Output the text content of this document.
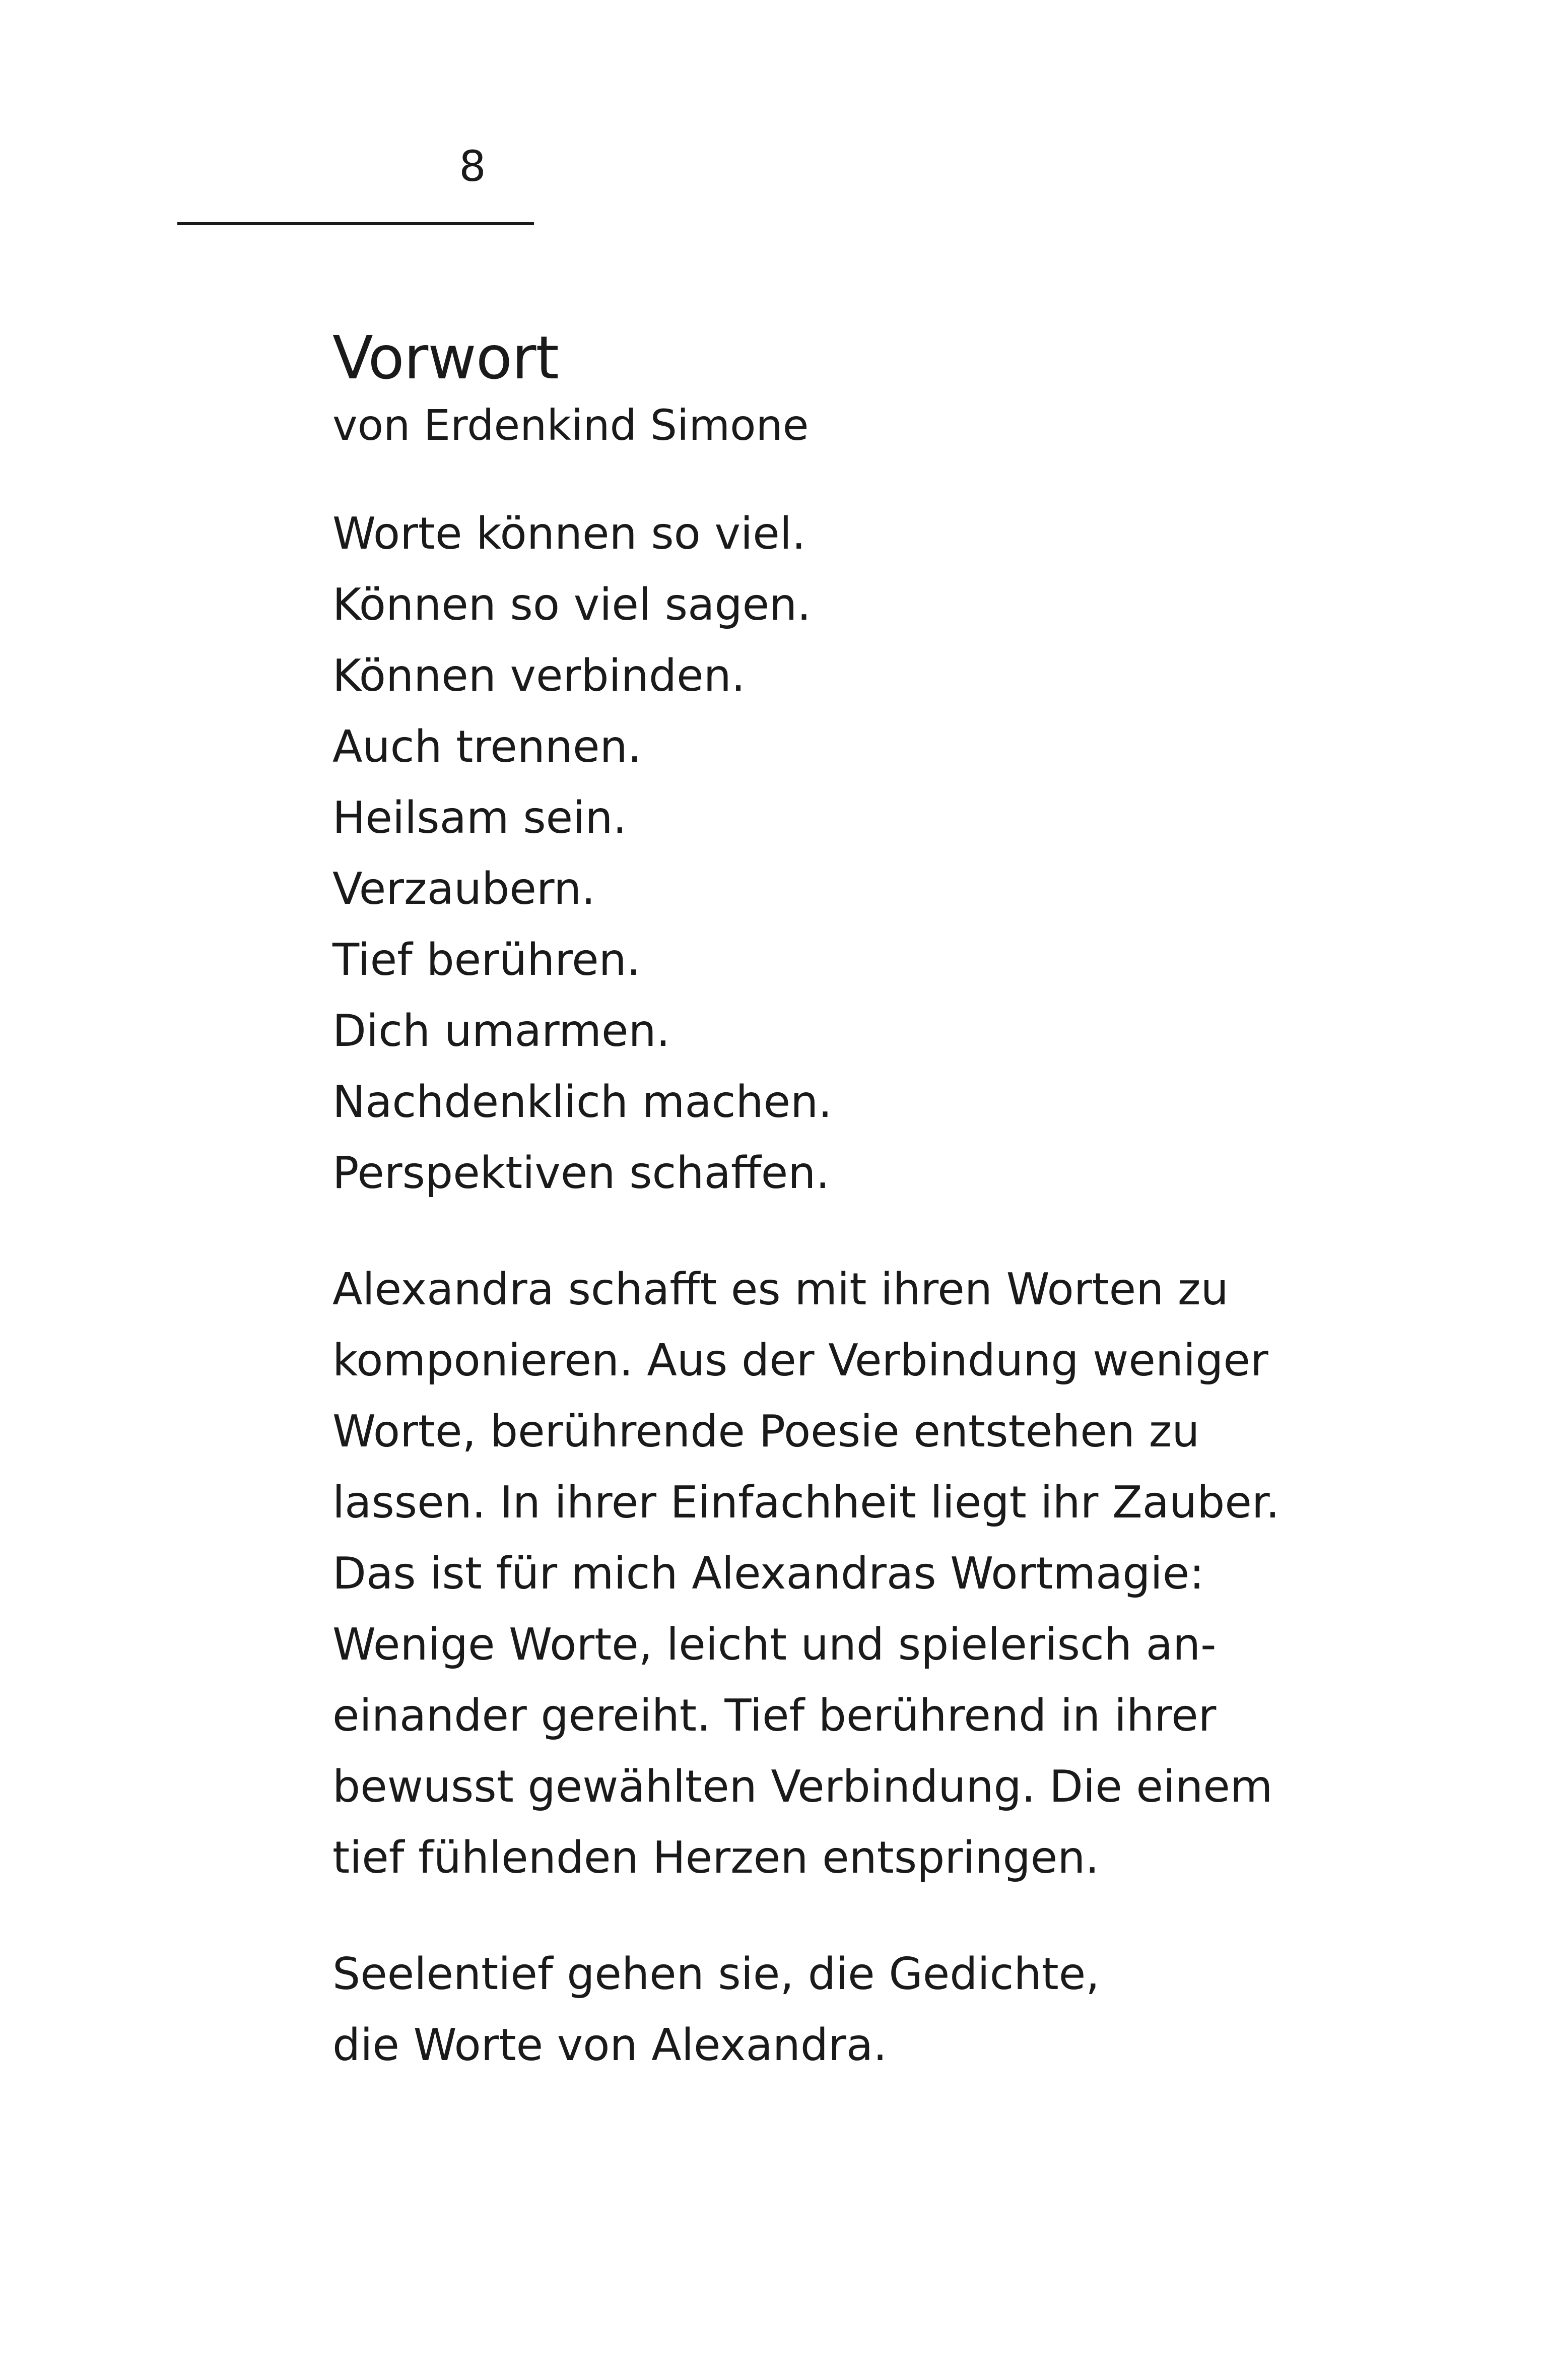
8
Vorwort
von Erdenkind Simone
Worte können so viel.
Können so viel sagen.
Können verbinden.
Auch trennen.
Heilsam sein.
Verzaubern.
Tief berühren.
Dich umarmen.
Nachdenklich machen.
Perspektiven schaffen.
Alexandra schafft es mit ihren Worten zu
komponieren. Aus der Verbindung weniger
Worte, berührende Poesie entstehen zu
lassen. In ihrer Einfachheit liegt ihr Zauber.
Das ist für mich Alexandras Wortmagie:
Wenige Worte, leicht und spielerisch an-
einander gereiht. Tief berührend in ihrer
bewusst gewählten Verbindung. Die einem
tief fühlenden Herzen entspringen.
Seelentief gehen sie, die Gedichte,
die Worte von Alexandra.
